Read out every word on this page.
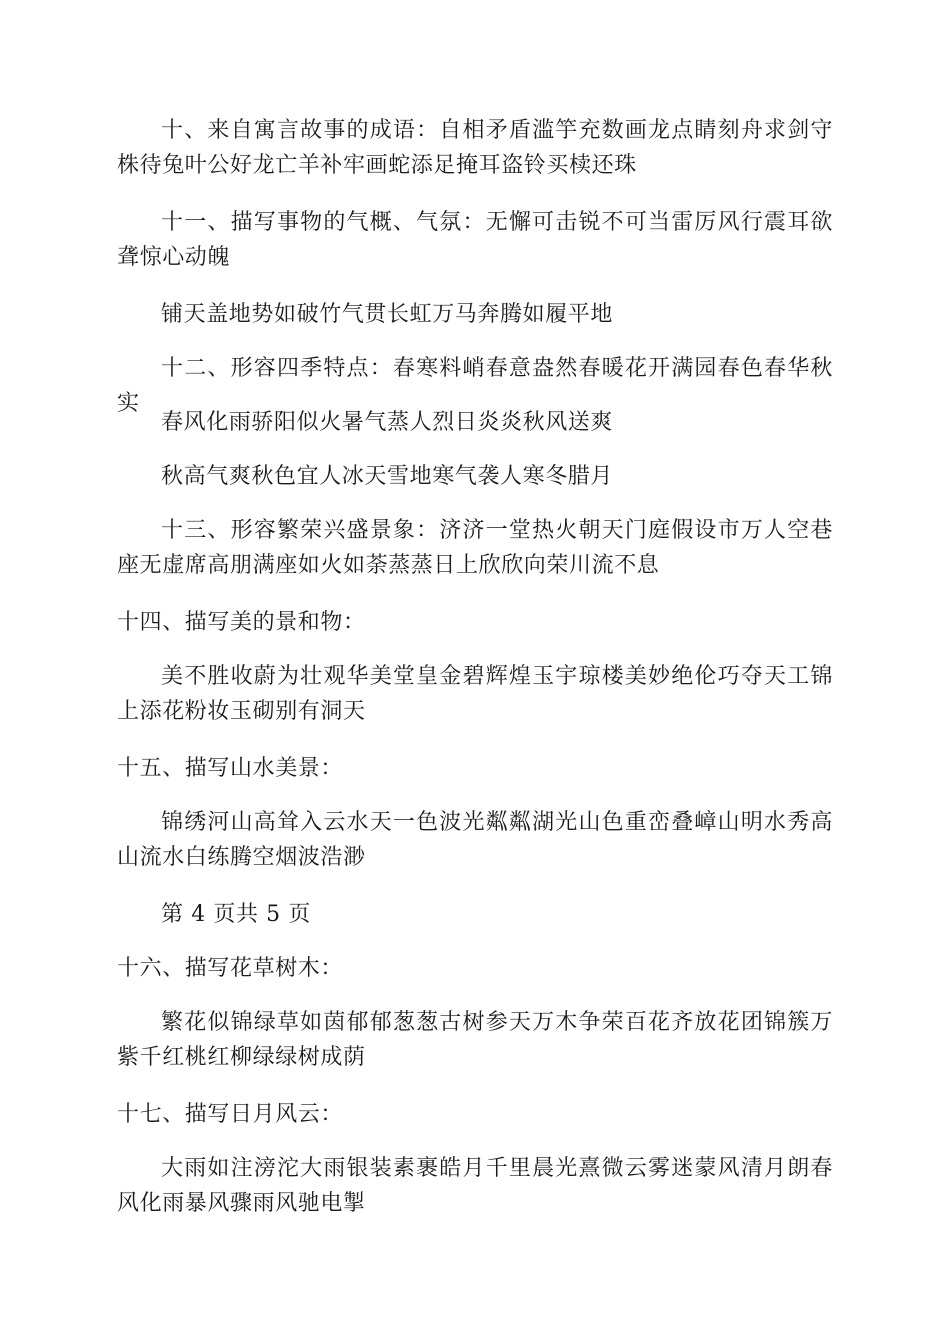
十、来自寓言故事的成语：自相矛盾滥竽充数画龙点睛刻舟求剑守株待兔叶公好龙亡羊补牢画蛇添足掩耳盗铃买椟还珠

十一、描写事物的气概、气氛：无懈可击锐不可当雷厉风行震耳欲聋惊心动魄

铺天盖地势如破竹气贯长虹万马奔腾如履平地

十二、形容四季特点：春寒料峭春意盎然春暖花开满园春色春华秋实

春风化雨骄阳似火暑气蒸人烈日炎炎秋风送爽

秋高气爽秋色宜人冰天雪地寒气袭人寒冬腊月

十三、形容繁荣兴盛景象：济济一堂热火朝天门庭假设市万人空巷座无虚席高朋满座如火如荼蒸蒸日上欣欣向荣川流不息

十四、描写美的景和物：

美不胜收蔚为壮观华美堂皇金碧辉煌玉宇琼楼美妙绝伦巧夺天工锦上添花粉妆玉砌别有洞天

十五、描写山水美景：

锦绣河山高耸入云水天一色波光粼粼湖光山色重峦叠嶂山明水秀高山流水白练腾空烟波浩渺

第 4 页共 5 页

十六、描写花草树木：

繁花似锦绿草如茵郁郁葱葱古树参天万木争荣百花齐放花团锦簇万紫千红桃红柳绿绿树成荫

十七、描写日月风云：

大雨如注滂沱大雨银装素裹皓月千里晨光熹微云雾迷蒙风清月朗春风化雨暴风骤雨风驰电掣
